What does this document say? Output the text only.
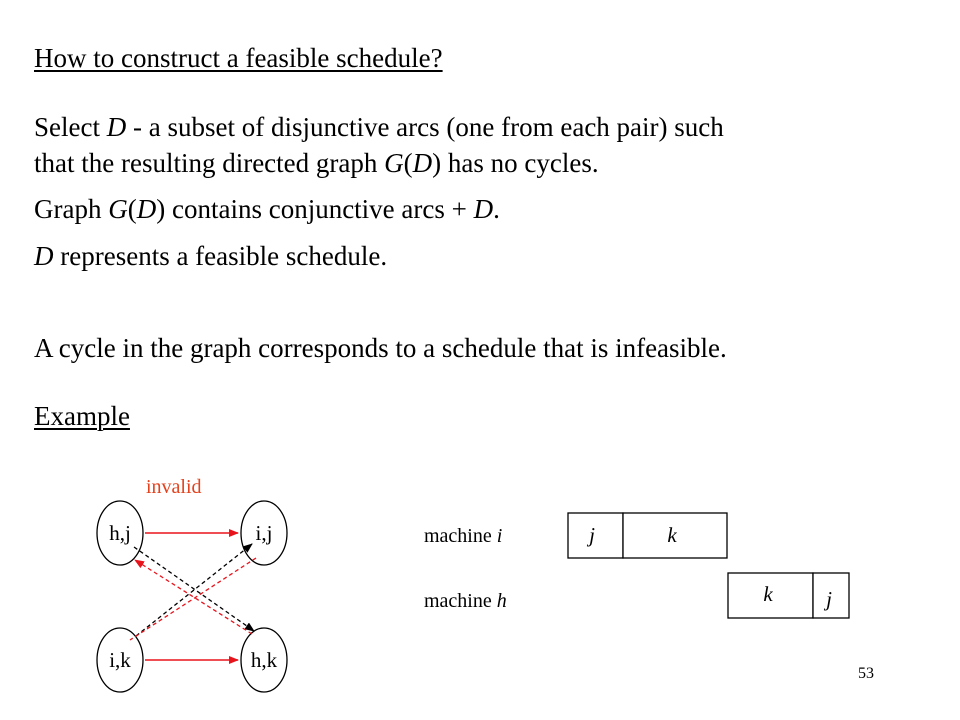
How to construct a feasible schedule?
Select D - a subset of disjunctive arcs (one from each pair) such
that the resulting directed graph G(D) has no cycles.
Graph G(D) contains conjunctive arcs + D.
D represents a feasible schedule.
A cycle in the graph corresponds to a schedule that is infeasible.
Example
invalid
h,j	i,j
i,k	h,k
machine i
machine h
j	k
k	j
53
